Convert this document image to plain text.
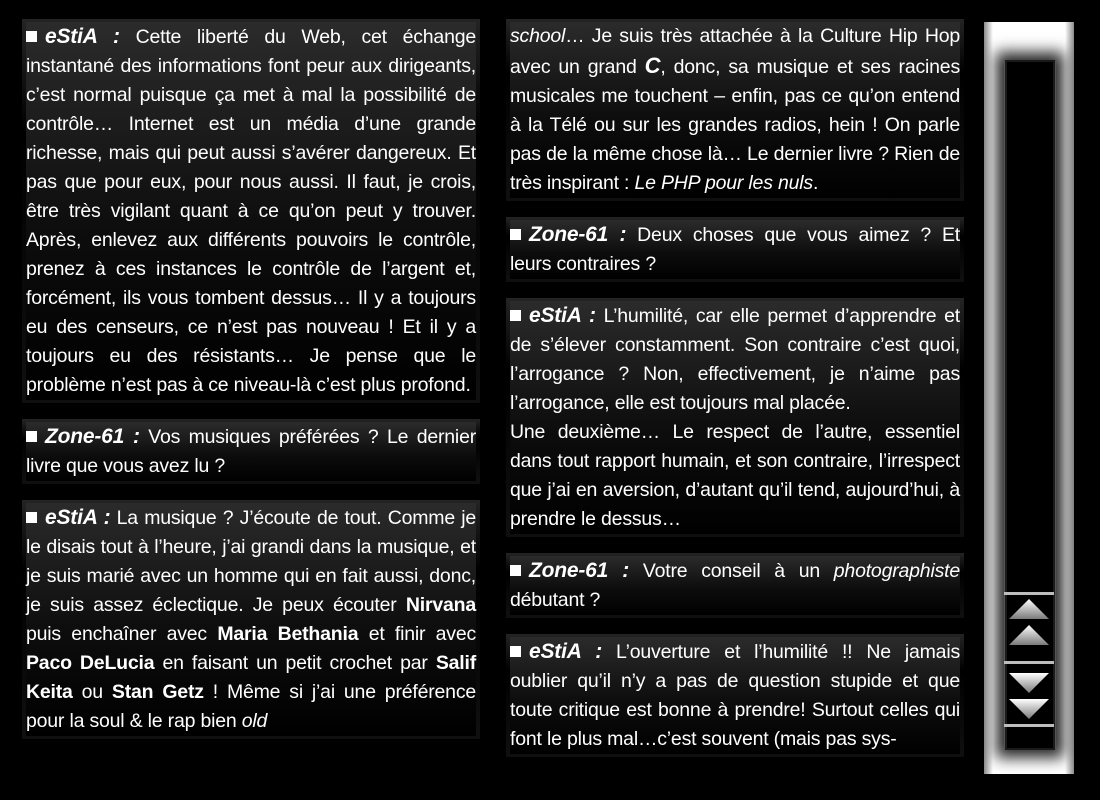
eStiA : Cette liberté du Web, cet échange instantané des informations font peur aux dirigeants, c’est normal puisque ça met à mal la possibilité de contrôle… Internet est un média d’une grande richesse, mais qui peut aussi s’avérer dangereux. Et pas que pour eux, pour nous aussi. Il faut, je crois, être très vigilant quant à ce qu’on peut y trouver. Après, enlevez aux différents pouvoirs le contrôle, prenez à ces instances le contrôle de l’argent et, forcément, ils vous tombent dessus… Il y a toujours eu des censeurs, ce n’est pas nouveau ! Et il y a toujours eu des résistants… Je pense que le problème n’est pas à ce niveau-là c’est plus profond.

Zone-61 : Vos musiques préférées ? Le dernier livre que vous avez lu ?

eStiA : La musique ? J’écoute de tout. Comme je le disais tout à l’heure, j’ai grandi dans la musique, et je suis marié avec un homme qui en fait aussi, donc, je suis assez éclectique. Je peux écouter Nirvana puis enchaîner avec Maria Bethania et finir avec Paco DeLucia en faisant un petit crochet par Salif Keita ou Stan Getz ! Même si j’ai une préférence pour la soul & le rap bien old

school… Je suis très attachée à la Culture Hip Hop avec un grand C, donc, sa musique et ses racines musicales me touchent – enfin, pas ce qu’on entend à la Télé ou sur les grandes radios, hein ! On parle pas de la même chose là… Le dernier livre ? Rien de très inspirant : Le PHP pour les nuls.

Zone-61 : Deux choses que vous aimez ? Et leurs contraires ?

eStiA : L’humilité, car elle permet d’apprendre et de s’élever constamment. Son contraire c’est quoi, l’arrogance ? Non, effectivement, je n’aime pas l’arrogance, elle est toujours mal placée.
Une deuxième… Le respect de l’autre, essentiel dans tout rapport humain, et son contraire, l’irrespect que j’ai en aversion, d’autant qu’il tend, aujourd’hui, à prendre le dessus…

Zone-61 : Votre conseil à un photographiste débutant ?

eStiA : L’ouverture et l’humilité !! Ne jamais oublier qu’il n’y a pas de question stupide et que toute critique est bonne à prendre! Surtout celles qui font le plus mal…c’est souvent (mais pas sys-
